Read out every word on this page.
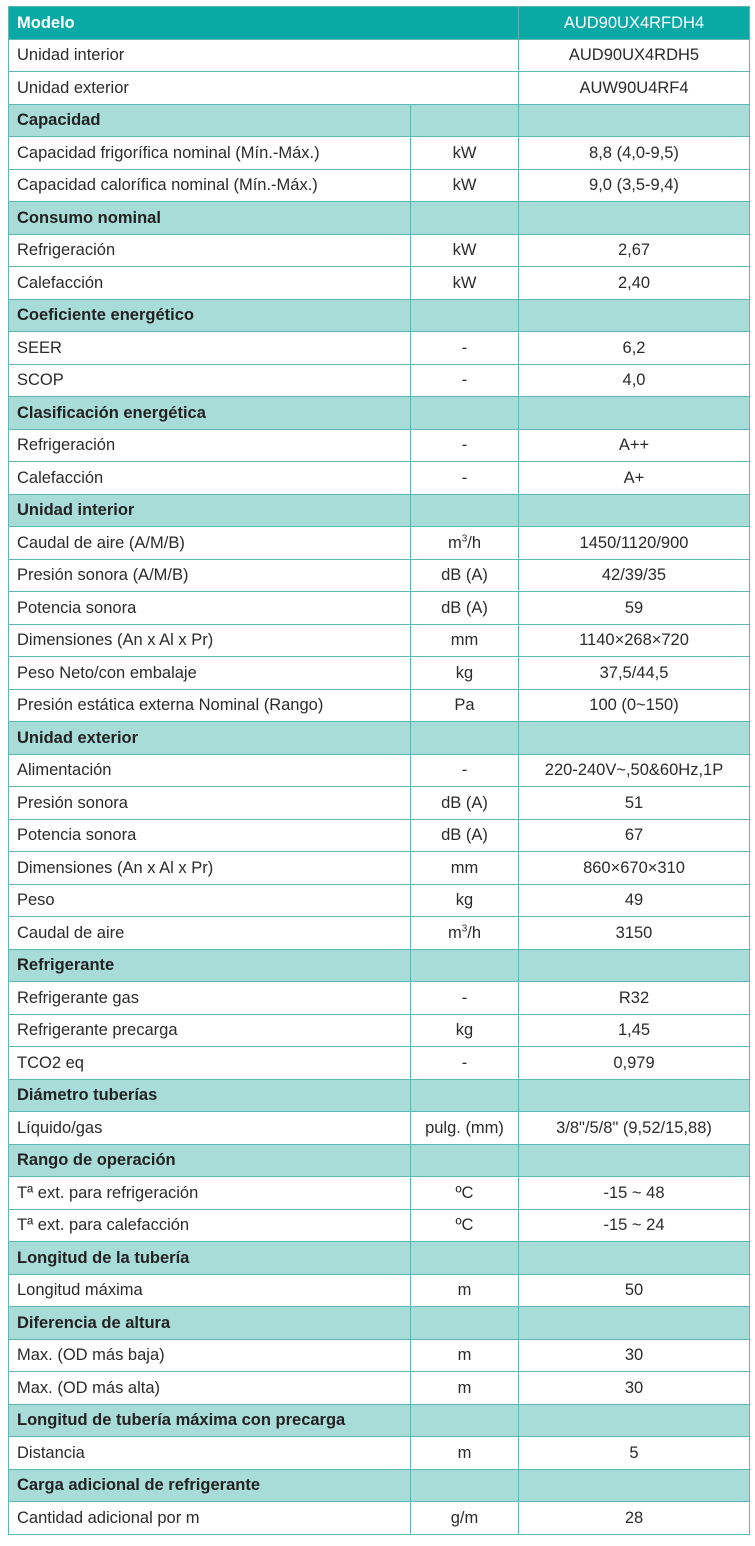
Modelo		AUD90UX4RFDH4
Unidad interior		AUD90UX4RDH5
Unidad exterior		AUW90U4RF4
Capacidad		
Capacidad frigorífica nominal (Mín.-Máx.)	kW	8,8 (4,0-9,5)
Capacidad calorífica nominal (Mín.-Máx.)	kW	9,0 (3,5-9,4)
Consumo nominal		
Refrigeración	kW	2,67
Calefacción	kW	2,40
Coeficiente energético		
SEER	-	6,2
SCOP	-	4,0
Clasificación energética		
Refrigeración	-	A++
Calefacción	-	A+
Unidad interior		
Caudal de aire (A/M/B)	$m^3/h$	1450/1120/900
Presión sonora (A/M/B)	dB (A)	42/39/35
Potencia sonora	dB (A)	59
Dimensiones (An x Al x Pr)	mm	1140×268×720
Peso Neto/con embalaje	kg	37,5/44,5
Presión estática externa Nominal (Rango)	Pa	100 (0~150)
Unidad exterior		
Alimentación	-	220-240V~,50&60Hz,1P
Presión sonora	dB (A)	51
Potencia sonora	dB (A)	67
Dimensiones (An x Al x Pr)	mm	860×670×310
Peso	kg	49
Caudal de aire	$m^3/h$	3150
Refrigerante		
Refrigerante gas	-	R32
Refrigerante precarga	kg	1,45
TCO2 eq	-	0,979
Diámetro tuberías		
Líquido/gas	pulg. (mm)	3/8"/5/8" (9,52/15,88)
Rango de operación		
Tª ext. para refrigeración	ºC	-15 ~ 48
Tª ext. para calefacción	ºC	-15 ~ 24
Longitud de la tubería		
Longitud máxima	m	50
Diferencia de altura		
Max. (OD más baja)	m	30
Max. (OD más alta)	m	30
Longitud de tubería máxima con precarga		
Distancia	m	5
Carga adicional de refrigerante		
Cantidad adicional por m	g/m	28
